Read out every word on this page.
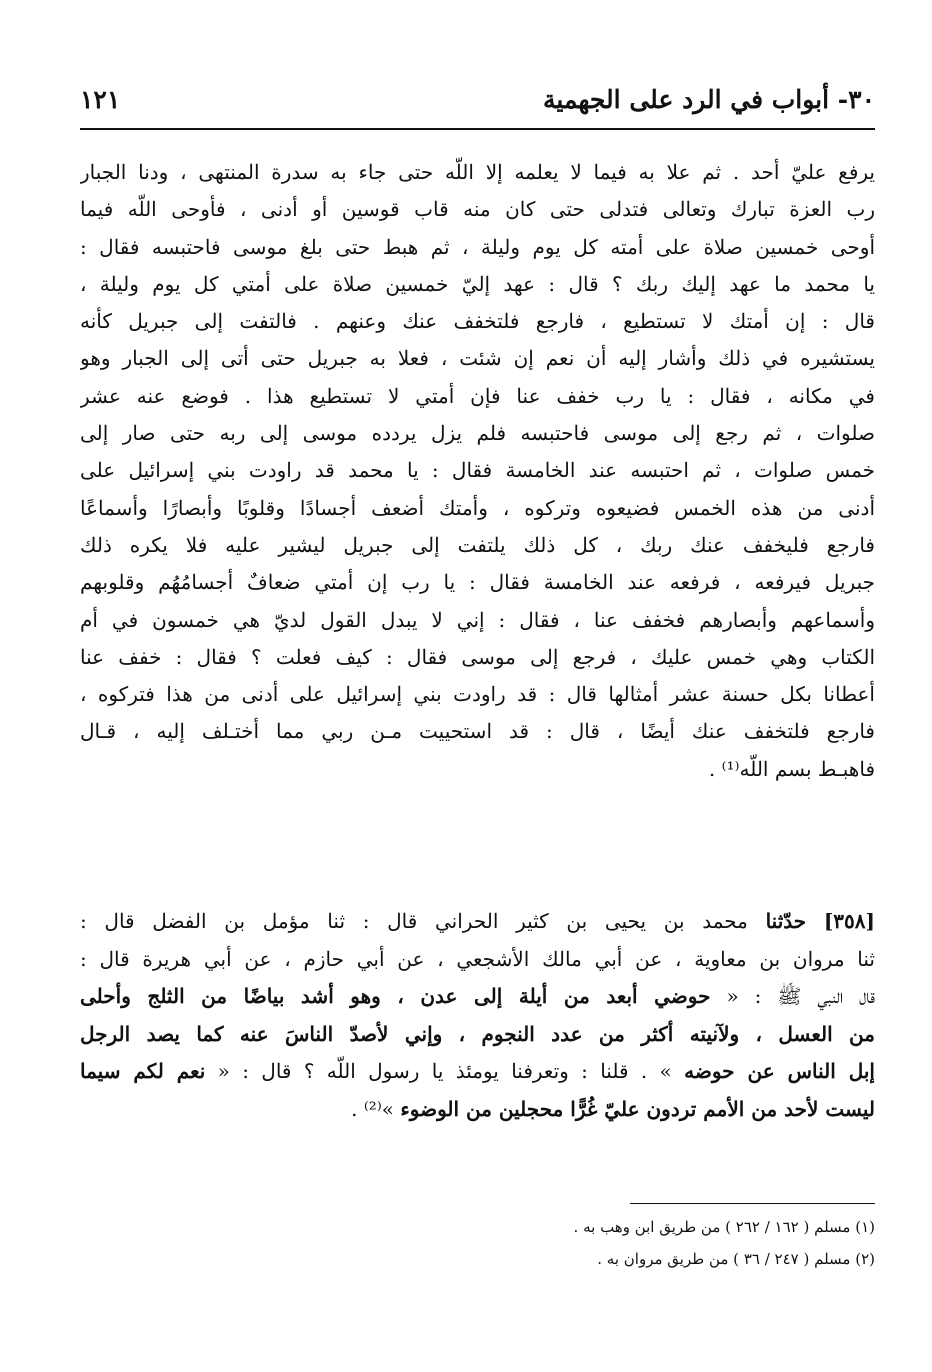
٣٠- أبواب في الرد على الجهمية
١٢١
يرفع عليّ أحد . ثم علا به فيما لا يعلمه إلا اللّه حتى جاء به سدرة المنتهى ، ودنا الجبار
رب العزة تبارك وتعالى فتدلى حتى كان منه قاب قوسين أو أدنى ، فأوحى اللّه فيما
أوحى خمسين صلاة على أمته كل يوم وليلة ، ثم هبط حتى بلغ موسى فاحتبسه فقال :
يا محمد ما عهد إليك ربك ؟ قال : عهد إليّ خمسين صلاة على أمتي كل يوم وليلة ،
قال : إن أمتك لا تستطيع ، فارجع فلتخفف عنك وعنهم . فالتفت إلى جبريل كأنه
يستشيره في ذلك وأشار إليه أن نعم إن شئت ، فعلا به جبريل حتى أتى إلى الجبار وهو
في مكانه ، فقال : يا رب خفف عنا فإن أمتي لا تستطيع هذا . فوضع عنه عشر
صلوات ، ثم رجع إلى موسى فاحتبسه فلم يزل يردده موسى إلى ربه حتى صار إلى
خمس صلوات ، ثم احتبسه عند الخامسة فقال : يا محمد قد راودت بني إسرائيل على
أدنى من هذه الخمس فضيعوه وتركوه ، وأمتك أضعف أجسادًا وقلوبًا وأبصارًا وأسماعًا
فارجع فليخفف عنك ربك ، كل ذلك يلتفت إلى جبريل ليشير عليه فلا يكره ذلك
جبريل فيرفعه ، فرفعه عند الخامسة فقال : يا رب إن أمتي ضعافٌ أجسامُهُم وقلوبهم
وأسماعهم وأبصارهم فخفف عنا ، فقال : إني لا يبدل القول لديّ هي خمسون في أم
الكتاب وهي خمس عليك ، فرجع إلى موسى فقال : كيف فعلت ؟ فقال : خفف عنا
أعطانا بكل حسنة عشر أمثالها قال : قد راودت بني إسرائيل على أدنى من هذا فتركوه ،
فارجع فلتخفف عنك أيضًا ، قال : قد استحييت مـن ربي مما أختـلف إليه ، قـال
فاهبـط بسم اللّه⁽¹⁾ .
[٣٥٨] حدّثنا محمد بن يحيى بن كثير الحراني قال : ثنا مؤمل بن الفضل قال :
ثنا مروان بن معاوية ، عن أبي مالك الأشجعي ، عن أبي حازم ، عن أبي هريرة قال :
قال النبي ﷺ : « حوضي أبعد من أيلة إلى عدن ، وهو أشد بياضًا من الثلج وأحلى
من العسل ، ولآنيته أكثر من عدد النجوم ، وإني لأصدّ الناسَ عنه كما يصد الرجل
إبل الناس عن حوضه » . قلنا : وتعرفنا يومئذ يا رسول اللّه ؟ قال : « نعم لكم سيما
ليست لأحد من الأمم تردون عليّ غُرًّا محجلين من الوضوء »⁽²⁾ .
(١) مسلم ( ١٦٢ / ٢٦٢ ) من طريق ابن وهب به .
(٢) مسلم ( ٢٤٧ / ٣٦ ) من طريق مروان به .
